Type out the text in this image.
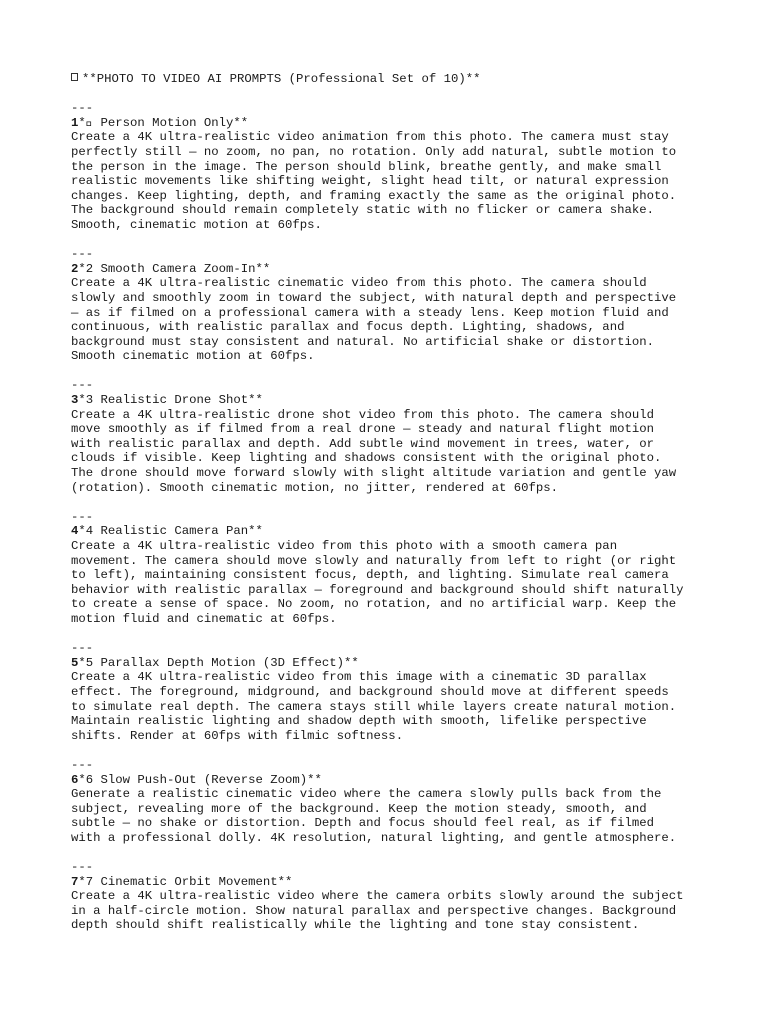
**PHOTO TO VIDEO AI PROMPTS (Professional Set of 10)**
---
1*⃣ Person Motion Only**
Create a 4K ultra-realistic video animation from this photo. The camera must stay
perfectly still — no zoom, no pan, no rotation. Only add natural, subtle motion to
the person in the image. The person should blink, breathe gently, and make small
realistic movements like shifting weight, slight head tilt, or natural expression
changes. Keep lighting, depth, and framing exactly the same as the original photo.
The background should remain completely static with no flicker or camera shake.
Smooth, cinematic motion at 60fps.
---
2*2 Smooth Camera Zoom-In**
Create a 4K ultra-realistic cinematic video from this photo. The camera should
slowly and smoothly zoom in toward the subject, with natural depth and perspective
— as if filmed on a professional camera with a steady lens. Keep motion fluid and
continuous, with realistic parallax and focus depth. Lighting, shadows, and
background must stay consistent and natural. No artificial shake or distortion.
Smooth cinematic motion at 60fps.
---
3*3 Realistic Drone Shot**
Create a 4K ultra-realistic drone shot video from this photo. The camera should
move smoothly as if filmed from a real drone — steady and natural flight motion
with realistic parallax and depth. Add subtle wind movement in trees, water, or
clouds if visible. Keep lighting and shadows consistent with the original photo.
The drone should move forward slowly with slight altitude variation and gentle yaw
(rotation). Smooth cinematic motion, no jitter, rendered at 60fps.
---
4*4 Realistic Camera Pan**
Create a 4K ultra-realistic video from this photo with a smooth camera pan
movement. The camera should move slowly and naturally from left to right (or right
to left), maintaining consistent focus, depth, and lighting. Simulate real camera
behavior with realistic parallax — foreground and background should shift naturally
to create a sense of space. No zoom, no rotation, and no artificial warp. Keep the
motion fluid and cinematic at 60fps.
---
5*5 Parallax Depth Motion (3D Effect)**
Create a 4K ultra-realistic video from this image with a cinematic 3D parallax
effect. The foreground, midground, and background should move at different speeds
to simulate real depth. The camera stays still while layers create natural motion.
Maintain realistic lighting and shadow depth with smooth, lifelike perspective
shifts. Render at 60fps with filmic softness.
---
6*6 Slow Push-Out (Reverse Zoom)**
Generate a realistic cinematic video where the camera slowly pulls back from the
subject, revealing more of the background. Keep the motion steady, smooth, and
subtle — no shake or distortion. Depth and focus should feel real, as if filmed
with a professional dolly. 4K resolution, natural lighting, and gentle atmosphere.
---
7*7 Cinematic Orbit Movement**
Create a 4K ultra-realistic video where the camera orbits slowly around the subject
in a half-circle motion. Show natural parallax and perspective changes. Background
depth should shift realistically while the lighting and tone stay consistent.
